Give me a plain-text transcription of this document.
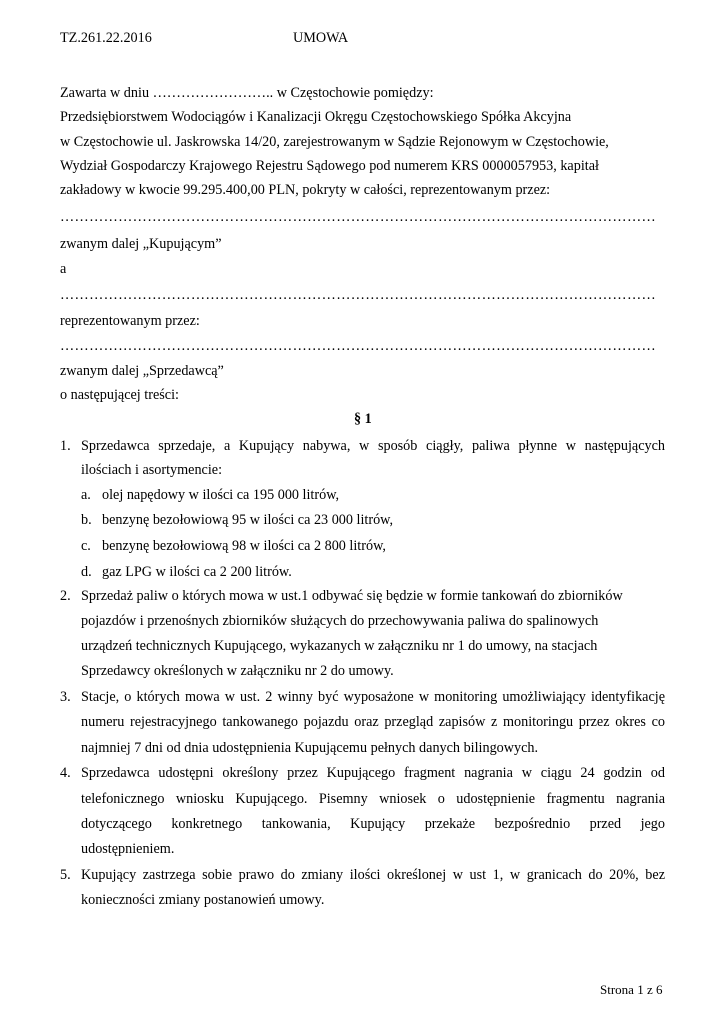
TZ.261.22.2016	UMOWA
Zawarta w dniu …………………….. w Częstochowie pomiędzy:
Przedsiębiorstwem Wodociągów i Kanalizacji Okręgu Częstochowskiego Spółka Akcyjna
w Częstochowie ul. Jaskrowska 14/20, zarejestrowanym w Sądzie Rejonowym w Częstochowie,
Wydział Gospodarczy Krajowego Rejestru Sądowego pod numerem KRS 0000057953, kapitał
zakładowy w kwocie 99.295.400,00 PLN, pokryty w całości, reprezentowanym przez:
……………………………………………………………………………………………………………
zwanym dalej „Kupującym”
a
……………………………………………………………………………………………………………
reprezentowanym przez:
……………………………………………………………………………………………………………
zwanym dalej „Sprzedawcą”
o następującej treści:
§ 1
1. Sprzedawca sprzedaje, a Kupujący nabywa, w sposób ciągły, paliwa płynne w następujących
ilościach i asortymencie:
a. olej napędowy w ilości ca 195 000 litrów,
b. benzynę bezołowiową 95 w ilości ca 23 000 litrów,
c. benzynę bezołowiową 98 w ilości ca 2 800 litrów,
d. gaz LPG w ilości ca 2 200 litrów.
2. Sprzedaż paliw o których mowa w ust.1 odbywać się będzie w formie tankowań do zbiorników
pojazdów i przenośnych zbiorników służących do przechowywania paliwa do spalinowych
urządzeń technicznych Kupującego, wykazanych w załączniku nr 1 do umowy, na stacjach
Sprzedawcy określonych w załączniku nr 2 do umowy.
3. Stacje, o których mowa w ust. 2 winny być wyposażone w monitoring umożliwiający identyfikację
numeru rejestracyjnego tankowanego pojazdu oraz przegląd zapisów z monitoringu przez okres co
najmniej 7 dni od dnia udostępnienia Kupującemu pełnych danych bilingowych.
4. Sprzedawca udostępni określony przez Kupującego fragment nagrania w ciągu 24 godzin od
telefonicznego wniosku Kupującego. Pisemny wniosek o udostępnienie fragmentu nagrania
dotyczącego konkretnego tankowania, Kupujący przekaże bezpośrednio przed jego
udostępnieniem.
5. Kupujący zastrzega sobie prawo do zmiany ilości określonej w ust 1, w granicach do 20%, bez
konieczności zmiany postanowień umowy.
Strona 1 z 6
